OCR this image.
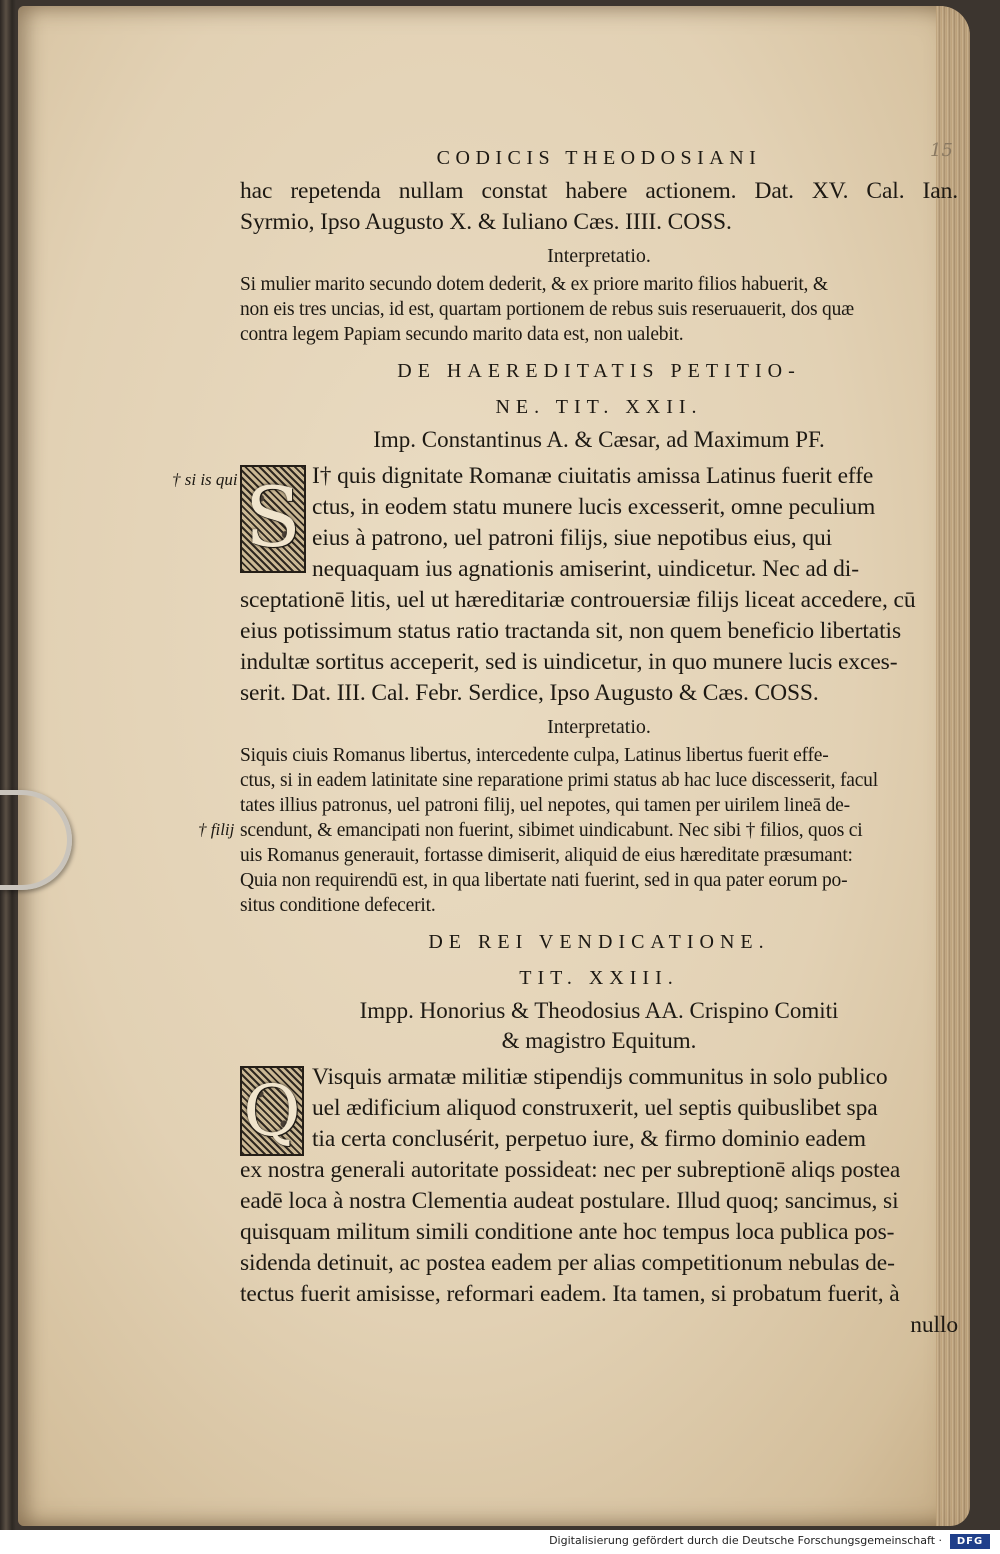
15
CODICIS THEODOSIANI
hac repetenda nullam constat habere actionem. Dat. XV. Cal. Ian.
Syrmio, Ipso Augusto X. & Iuliano Cæs. IIII. COSS.
Interpretatio.
Si mulier marito secundo dotem dederit, & ex priore marito filios habuerit, &
non eis tres uncias, id est, quartam portionem de rebus suis reseruauerit, dos quæ
contra legem Papiam secundo marito data est, non ualebit.
DE HAEREDITATIS PETITIO-
NE. TIT. XXII.
Imp. Constantinus A. & Cæsar, ad Maximum PF.
S I† quis dignitate Romanæ ciuitatis amissa Latinus fuerit effe
ctus, in eodem statu munere lucis excesserit, omne peculium
eius à patrono, uel patroni filijs, siue nepotibus eius, qui
nequaquam ius agnationis amiserint, uindicetur. Nec ad di-
sceptationē litis, uel ut hæreditariæ controuersiæ filijs liceat accedere, cū
eius potissimum status ratio tractanda sit, non quem beneficio libertatis
indultæ sortitus acceperit, sed is uindicetur, in quo munere lucis exces-
serit. Dat. III. Cal. Febr. Serdice, Ipso Augusto & Cæs. COSS.
Interpretatio.
Siquis ciuis Romanus libertus, intercedente culpa, Latinus libertus fuerit effe-
ctus, si in eadem latinitate sine reparatione primi status ab hac luce discesserit, facul
tates illius patronus, uel patroni filij, uel nepotes, qui tamen per uirilem lineā de-
scendunt, & emancipati non fuerint, sibimet uindicabunt. Nec sibi † filios, quos ci
uis Romanus generauit, fortasse dimiserit, aliquid de eius hæreditate præsumant:
Quia non requirendū est, in qua libertate nati fuerint, sed in qua pater eorum po-
situs conditione defecerit.
DE REI VENDICATIONE.
TIT. XXIII.
Impp. Honorius & Theodosius AA. Crispino Comiti
& magistro Equitum.
Q Visquis armatæ militiæ stipendijs communitus in solo publico
uel ædificium aliquod construxerit, uel septis quibuslibet spa
tia certa conclusérit, perpetuo iure, & firmo dominio eadem
ex nostra generali autoritate possideat: nec per subreptionē aliqs postea
eadē loca à nostra Clementia audeat postulare. Illud quoq; sancimus, si
quisquam militum simili conditione ante hoc tempus loca publica pos-
sidenda detinuit, ac postea eadem per alias competitionum nebulas de-
tectus fuerit amisisse, reformari eadem. Ita tamen, si probatum fuerit, à
nullo
† si is qui
† filij
Digitalisierung gefördert durch die Deutsche Forschungsgemeinschaft ·	DFG
